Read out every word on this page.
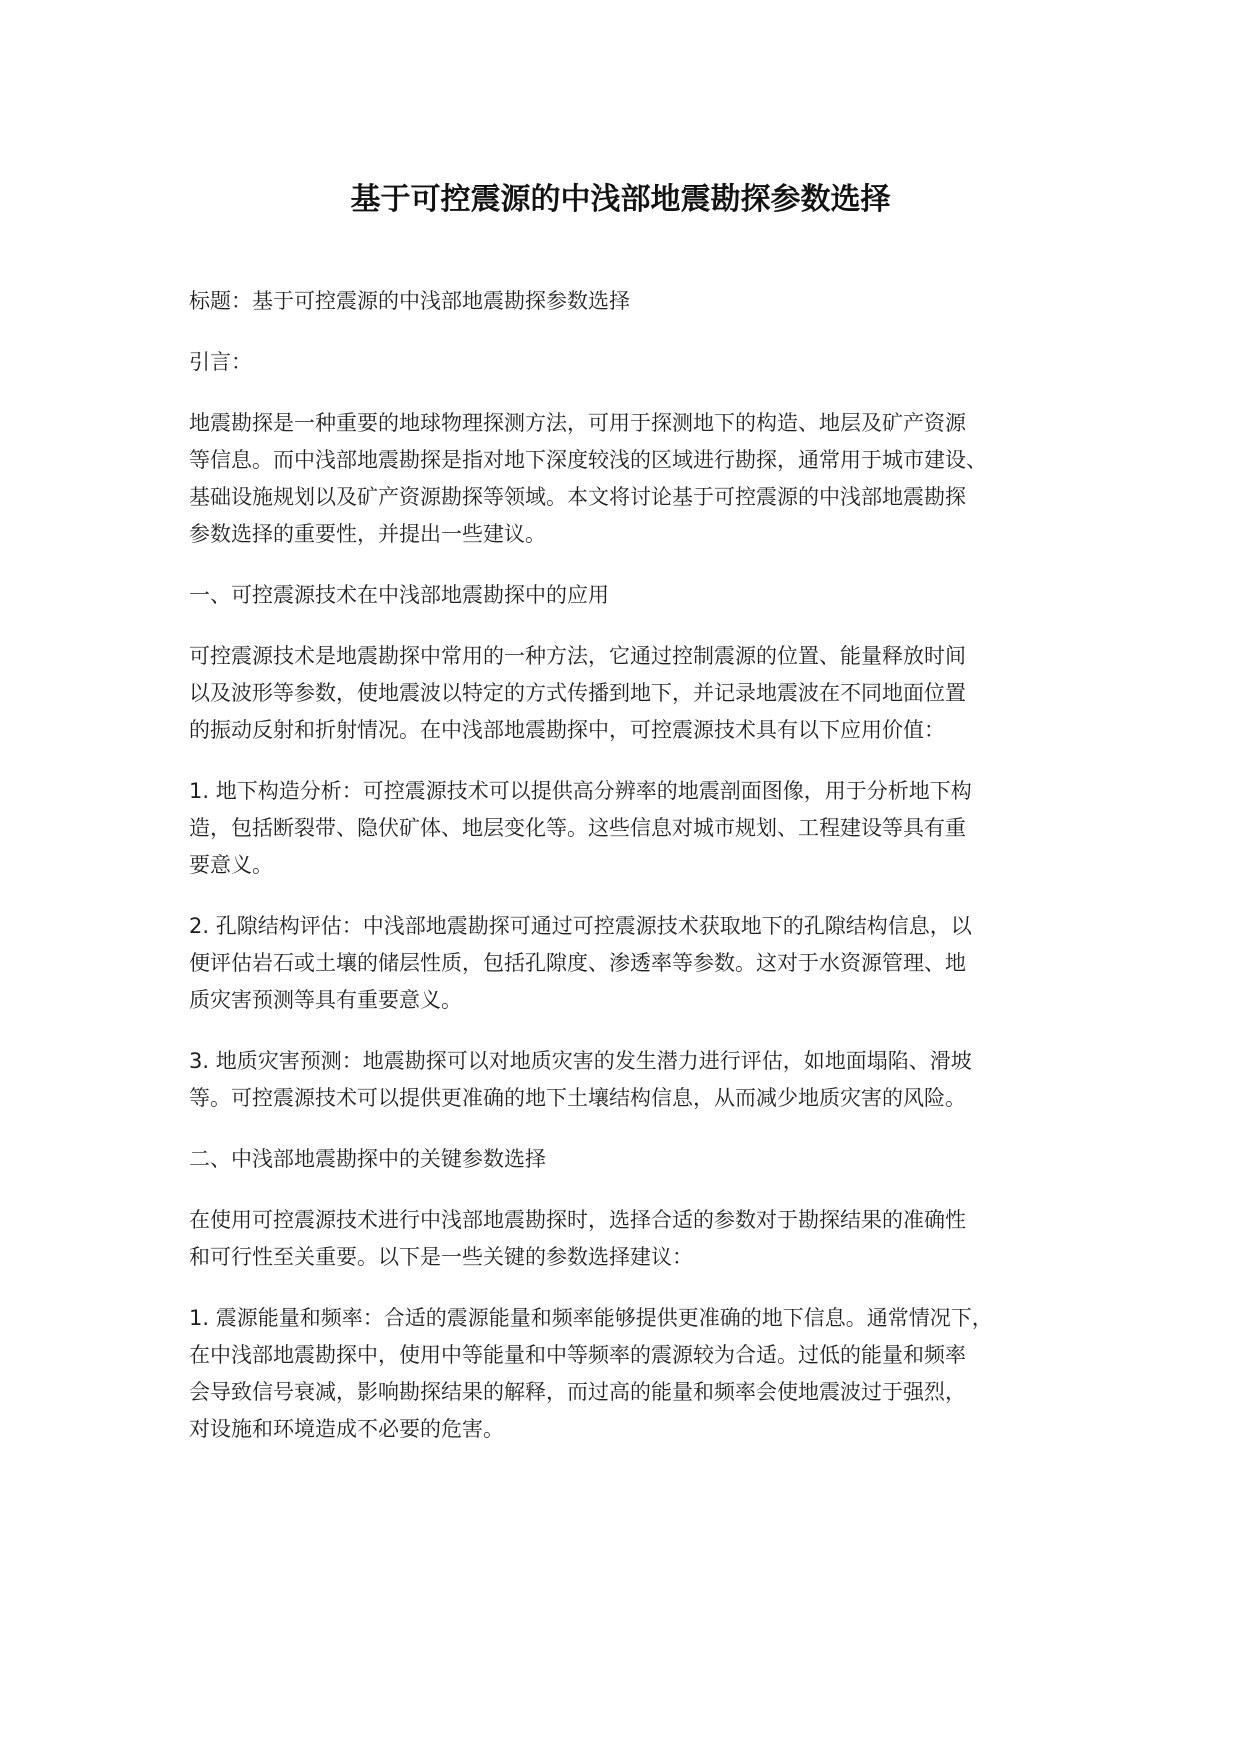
基于可控震源的中浅部地震勘探参数选择

标题：基于可控震源的中浅部地震勘探参数选择

引言：

地震勘探是一种重要的地球物理探测方法，可用于探测地下的构造、地层及矿产资源
等信息。而中浅部地震勘探是指对地下深度较浅的区域进行勘探，通常用于城市建设、
基础设施规划以及矿产资源勘探等领域。本文将讨论基于可控震源的中浅部地震勘探
参数选择的重要性，并提出一些建议。

一、可控震源技术在中浅部地震勘探中的应用

可控震源技术是地震勘探中常用的一种方法，它通过控制震源的位置、能量释放时间
以及波形等参数，使地震波以特定的方式传播到地下，并记录地震波在不同地面位置
的振动反射和折射情况。在中浅部地震勘探中，可控震源技术具有以下应用价值：

1. 地下构造分析：可控震源技术可以提供高分辨率的地震剖面图像，用于分析地下构
造，包括断裂带、隐伏矿体、地层变化等。这些信息对城市规划、工程建设等具有重
要意义。

2. 孔隙结构评估：中浅部地震勘探可通过可控震源技术获取地下的孔隙结构信息，以
便评估岩石或土壤的储层性质，包括孔隙度、渗透率等参数。这对于水资源管理、地
质灾害预测等具有重要意义。

3. 地质灾害预测：地震勘探可以对地质灾害的发生潜力进行评估，如地面塌陷、滑坡
等。可控震源技术可以提供更准确的地下土壤结构信息，从而减少地质灾害的风险。

二、中浅部地震勘探中的关键参数选择

在使用可控震源技术进行中浅部地震勘探时，选择合适的参数对于勘探结果的准确性
和可行性至关重要。以下是一些关键的参数选择建议：

1. 震源能量和频率：合适的震源能量和频率能够提供更准确的地下信息。通常情况下，
在中浅部地震勘探中，使用中等能量和中等频率的震源较为合适。过低的能量和频率
会导致信号衰减，影响勘探结果的解释，而过高的能量和频率会使地震波过于强烈，
对设施和环境造成不必要的危害。
